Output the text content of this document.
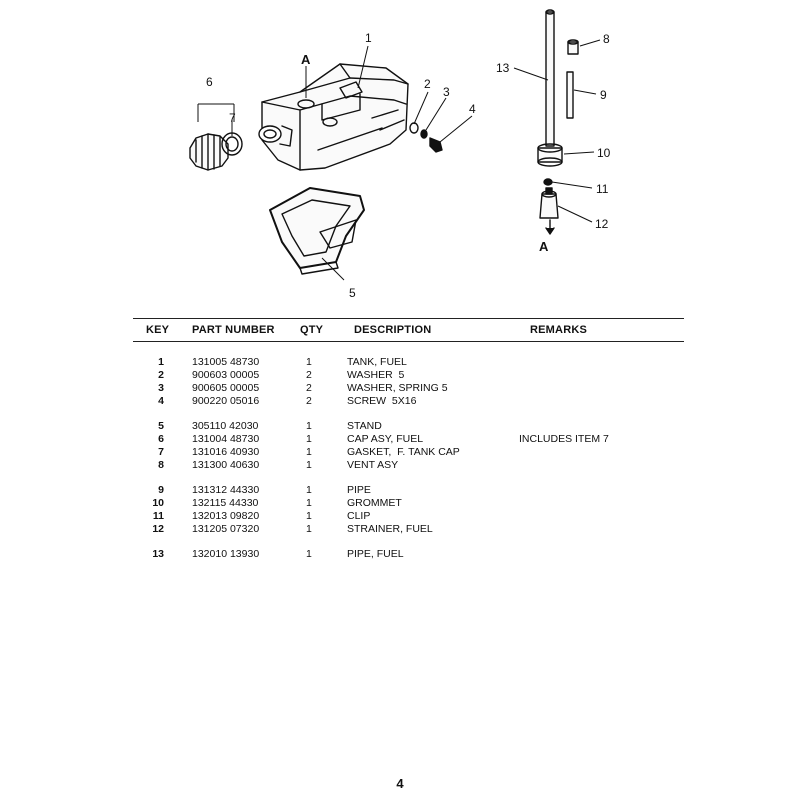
1
2
3
4
5
6
7
8
9
10
11
12
13
A
A
KEY PART NUMBER QTY	DESCRIPTION	REMARKS
1	131005 48730	1	TANK, FUEL
2	900603 00005	2	WASHER  5
3	900605 00005	2	WASHER, SPRING 5
4	900220 05016	2	SCREW  5X16
5	305110 42030	1	STAND
6	131004 48730	1	CAP ASY, FUEL	INCLUDES ITEM 7
7	131016 40930	1	GASKET,  F. TANK CAP
8	131300 40630	1	VENT ASY
9	131312 44330	1	PIPE
10	132115 44330	1	GROMMET
11	132013 09820	1	CLIP
12	131205 07320	1	STRAINER, FUEL
13	132010 13930	1	PIPE, FUEL
4
